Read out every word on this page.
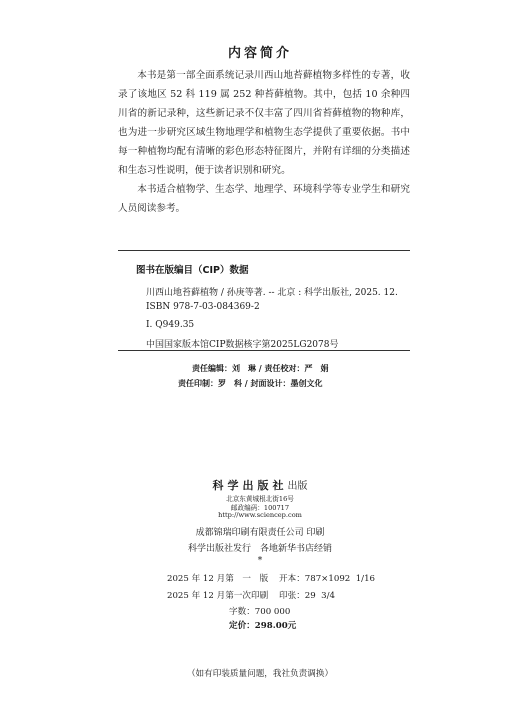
内容简介

本书是第一部全面系统记录川西山地苔藓植物多样性的专著，收录了该地区 52 科 119 属 252 种苔藓植物。其中，包括 10 余种四川省的新记录种，这些新记录不仅丰富了四川省苔藓植物的物种库，也为进一步研究区域生物地理学和植物生态学提供了重要依据。书中每一种植物均配有清晰的彩色形态特征图片，并附有详细的分类描述和生态习性说明，便于读者识别和研究。

本书适合植物学、生态学、地理学、环境科学等专业学生和研究人员阅读参考。

图书在版编目（CIP）数据
川西山地苔藓植物 / 孙庚等著. -- 北京 : 科学出版社, 2025. 12.
ISBN 978-7-03-084369-2
Ⅰ. Q949.35
中国国家版本馆CIP数据核字第2025LG2078号
责任编辑：刘　琳 / 责任校对：严　娟
责任印制：罗　科 / 封面设计：墨创文化
科学出版社出版
北京东黄城根北街16号
邮政编码：100717
http://www.sciencep.com
成都锦瑞印刷有限责任公司 印刷
科学出版社发行　各地新华书店经销
*
2025 年 12 月第　一　版 开本：787×1092  1/16
2025 年 12 月第一次印刷 印张：29  3/4
字数：700 000
定价：298.00元
（如有印装质量问题，我社负责调换）
